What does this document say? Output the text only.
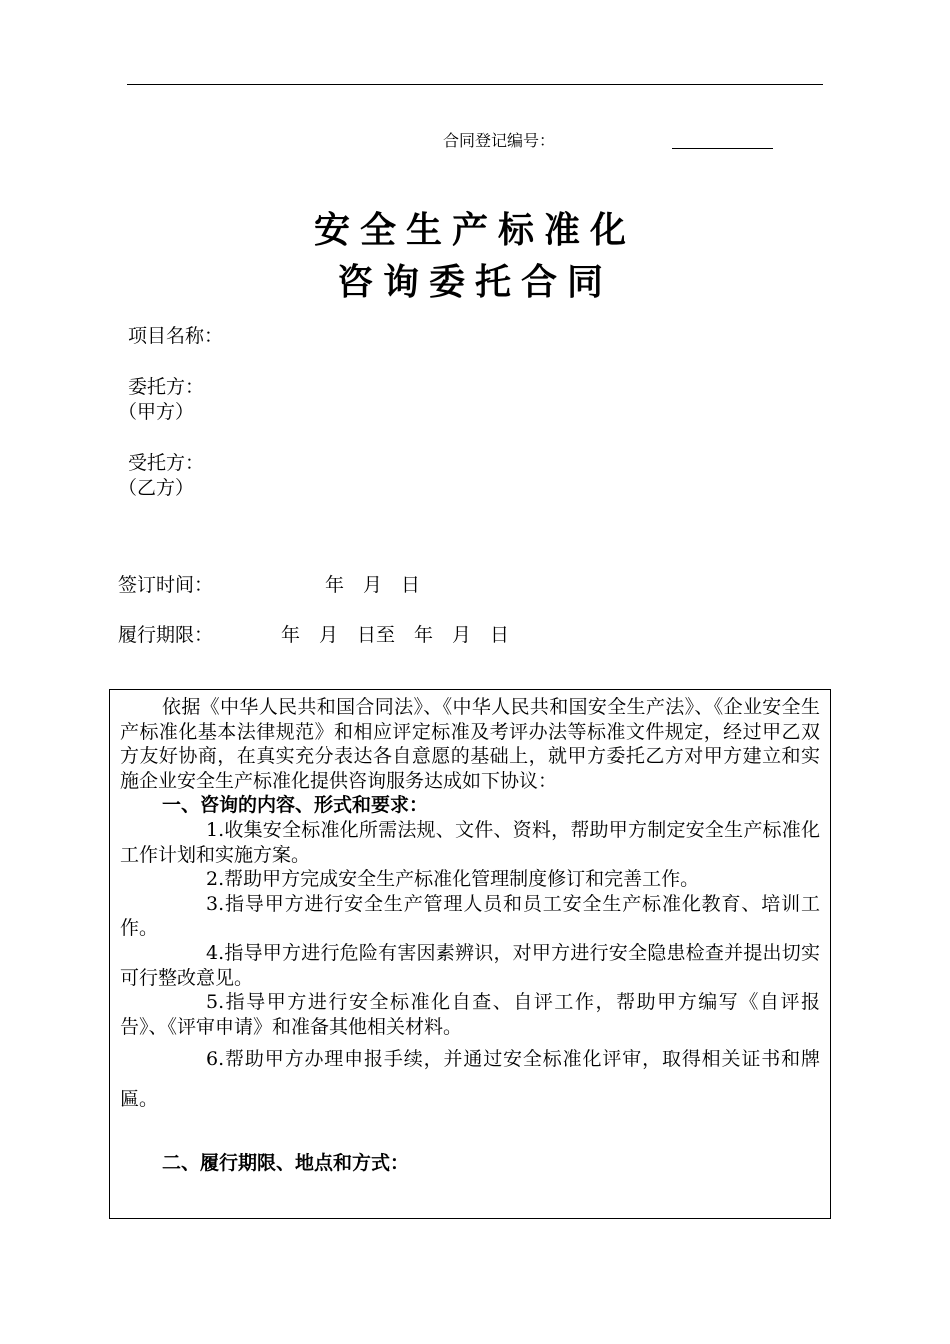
合同登记编号：
安全生产标准化
咨询委托合同
项目名称：
委托方：
（甲方）
受托方：
（乙方）
签订时间：	年　月　日
履行期限：	年　月　日至　年　月　日

依据《中华人民共和国合同法》、《中华人民共和国安全生产法》、《企业安全生产标准化基本法律规范》和相应评定标准及考评办法等标准文件规定，经过甲乙双方友好协商，在真实充分表达各自意愿的基础上，就甲方委托乙方对甲方建立和实施企业安全生产标准化提供咨询服务达成如下协议：

一、咨询的内容、形式和要求：

1.收集安全标准化所需法规、文件、资料，帮助甲方制定安全生产标准化工作计划和实施方案。

2.帮助甲方完成安全生产标准化管理制度修订和完善工作。

3.指导甲方进行安全生产管理人员和员工安全生产标准化教育、培训工作。

4.指导甲方进行危险有害因素辨识，对甲方进行安全隐患检查并提出切实可行整改意见。

5.指导甲方进行安全标准化自查、自评工作，帮助甲方编写《自评报告》、《评审申请》和准备其他相关材料。

6.帮助甲方办理申报手续，并通过安全标准化评审，取得相关证书和牌匾。

二、履行期限、地点和方式：
